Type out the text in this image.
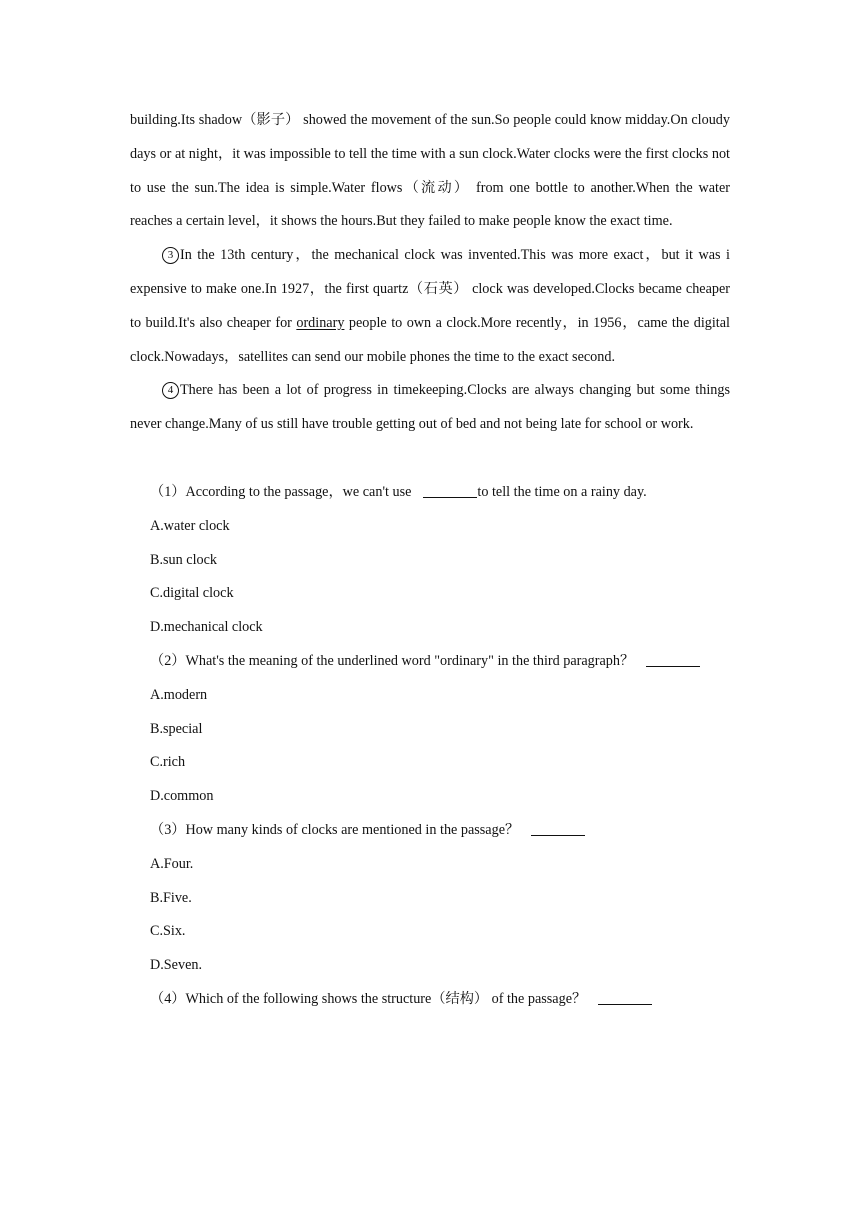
building.Its shadow（影子） showed the movement of the sun.So people could know midday.On cloudy days or at night，it was impossible to tell the time with a sun clock.Water clocks were the first clocks not to use the sun.The idea is simple.Water flows（流动） from one bottle to another.When the water reaches a certain level，it shows the hours.But they failed to make people know the exact time.

3 In the 13th century，the mechanical clock was invented.This was more exact，but it was i expensive to make one.In 1927，the first quartz（石英） clock was developed.Clocks became cheaper to build.It's also cheaper for ordinary people to own a clock.More recently，in 1956，came the digital clock.Nowadays，satellites can send our mobile phones the time to the exact second.

4 There has been a lot of progress in timekeeping.Clocks are always changing but some things never change.Many of us still have trouble getting out of bed and not being late for school or work.

（1）According to the passage，we can't use	to tell the time on a rainy day.

A.water clock

B.sun clock

C.digital clock

D.mechanical clock

（2）What's the meaning of the underlined word "ordinary" in the third paragraph？

A.modern

B.special

C.rich

D.common

（3）How many kinds of clocks are mentioned in the passage？

A.Four.

B.Five.

C.Six.

D.Seven.

（4）Which of the following shows the structure（结构） of the passage？
